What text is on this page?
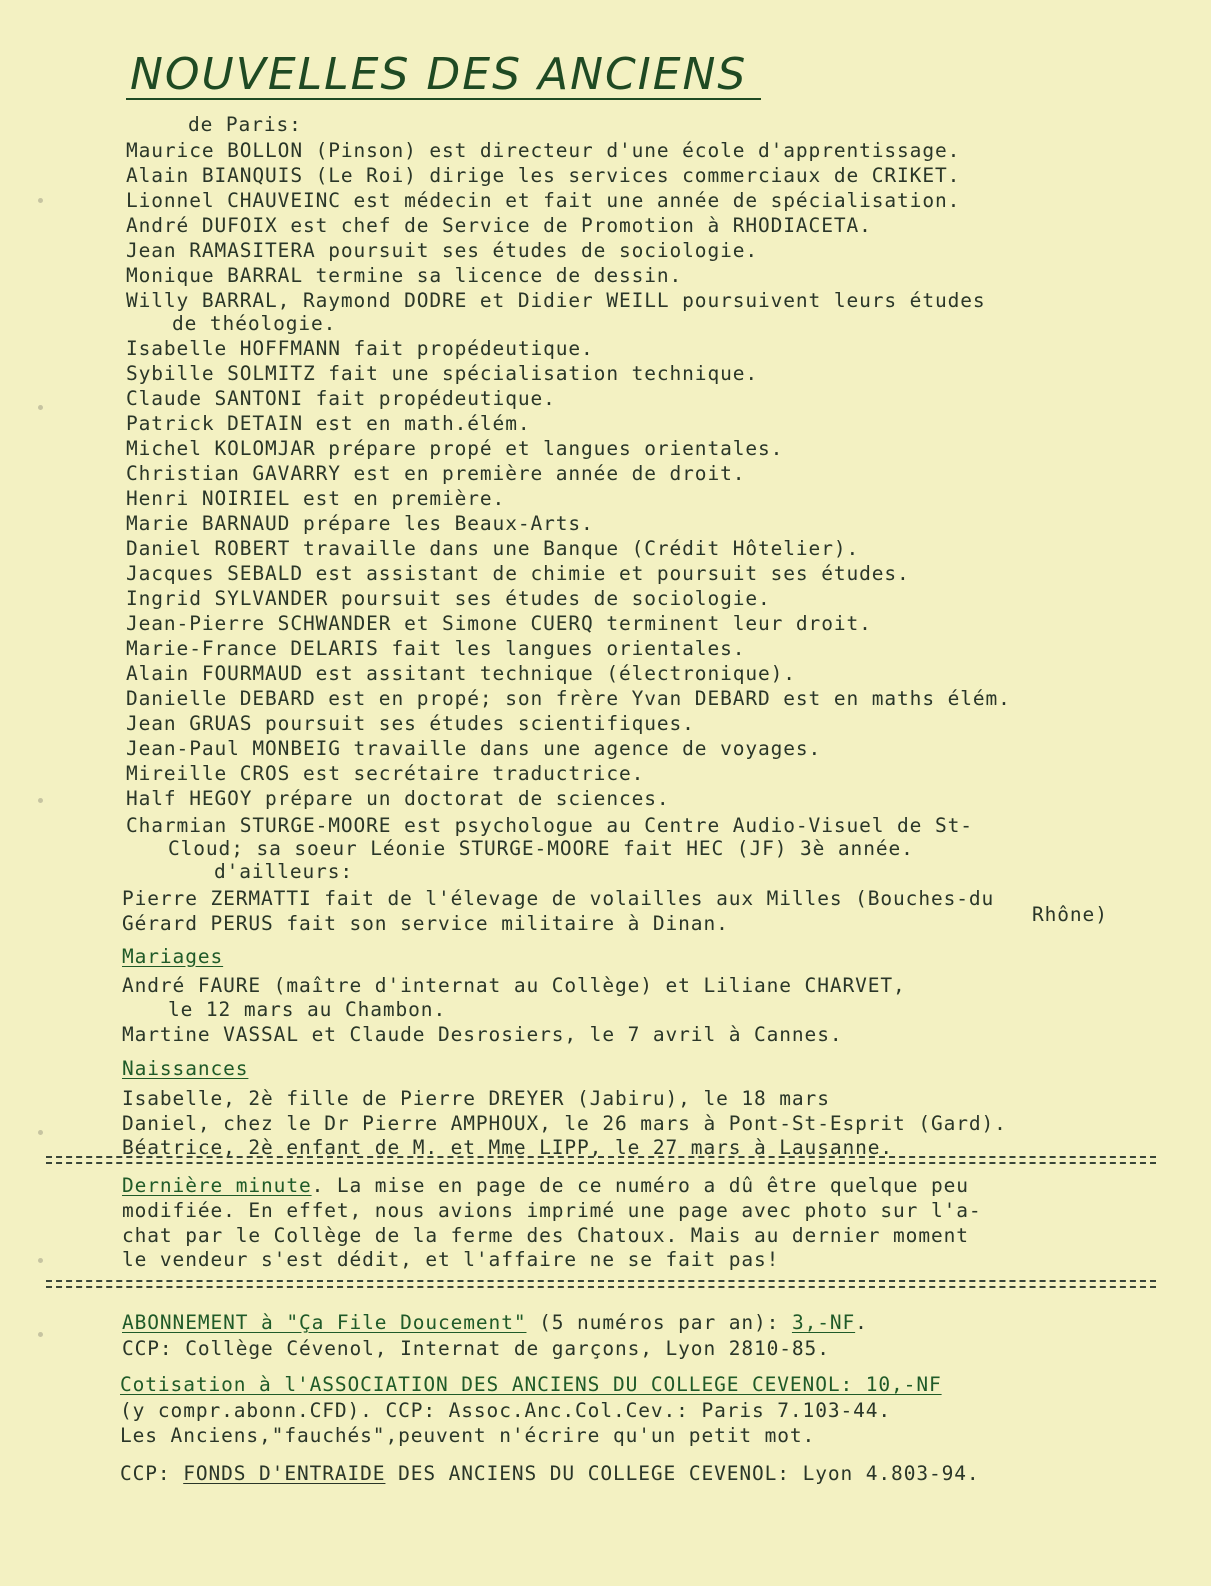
NOUVELLES DES ANCIENS
de Paris:
Maurice BOLLON (Pinson) est directeur d'une école d'apprentissage.
Alain BIANQUIS (Le Roi) dirige les services commerciaux de CRIKET.
Lionnel CHAUVEINC est médecin et fait une année de spécialisation.
André DUFOIX est chef de Service de Promotion à RHODIACETA.
Jean RAMASITERA poursuit ses études de sociologie.
Monique BARRAL termine sa licence de dessin.
Willy BARRAL, Raymond DODRE et Didier WEILL poursuivent leurs études
de théologie.
Isabelle HOFFMANN fait propédeutique.
Sybille SOLMITZ fait une spécialisation technique.
Claude SANTONI fait propédeutique.
Patrick DETAIN est en math.élém.
Michel KOLOMJAR prépare propé et langues orientales.
Christian GAVARRY est en première année de droit.
Henri NOIRIEL est en première.
Marie BARNAUD prépare les Beaux-Arts.
Daniel ROBERT travaille dans une Banque (Crédit Hôtelier).
Jacques SEBALD est assistant de chimie et poursuit ses études.
Ingrid SYLVANDER poursuit ses études de sociologie.
Jean-Pierre SCHWANDER et Simone CUERQ terminent leur droit.
Marie-France DELARIS fait les langues orientales.
Alain FOURMAUD est assitant technique (électronique).
Danielle DEBARD est en propé; son frère Yvan DEBARD est en maths élém.
Jean GRUAS poursuit ses études scientifiques.
Jean-Paul MONBEIG travaille dans une agence de voyages.
Mireille CROS est secrétaire traductrice.
Half HEGOY prépare un doctorat de sciences.
Charmian STURGE-MOORE est psychologue au Centre Audio-Visuel de St-
Cloud; sa soeur Léonie STURGE-MOORE fait HEC (JF) 3è année.
d'ailleurs:
Pierre ZERMATTI fait de l'élevage de volailles aux Milles (Bouches-du
Rhône)
Gérard PERUS fait son service militaire à Dinan.
Mariages
André FAURE (maître d'internat au Collège) et Liliane CHARVET,
le 12 mars au Chambon.
Martine VASSAL et Claude Desrosiers, le 7 avril à Cannes.
Naissances
Isabelle, 2è fille de Pierre DREYER (Jabiru), le 18 mars
Daniel, chez le Dr Pierre AMPHOUX, le 26 mars à Pont-St-Esprit (Gard).
Béatrice, 2è enfant de M. et Mme LIPP, le 27 mars à Lausanne.
Dernière minute. La mise en page de ce numéro a dû être quelque peu
modifiée. En effet, nous avions imprimé une page avec photo sur l'a-
chat par le Collège de la ferme des Chatoux. Mais au dernier moment
le vendeur s'est dédit, et l'affaire ne se fait pas!
ABONNEMENT à "Ça File Doucement" (5 numéros par an): 3,-NF.
CCP: Collège Cévenol, Internat de garçons, Lyon 2810-85.
Cotisation à l'ASSOCIATION DES ANCIENS DU COLLEGE CEVENOL: 10,-NF
(y compr.abonn.CFD). CCP: Assoc.Anc.Col.Cev.: Paris 7.103-44.
Les Anciens,"fauchés",peuvent n'écrire qu'un petit mot.
CCP: FONDS D'ENTRAIDE DES ANCIENS DU COLLEGE CEVENOL: Lyon 4.803-94.
